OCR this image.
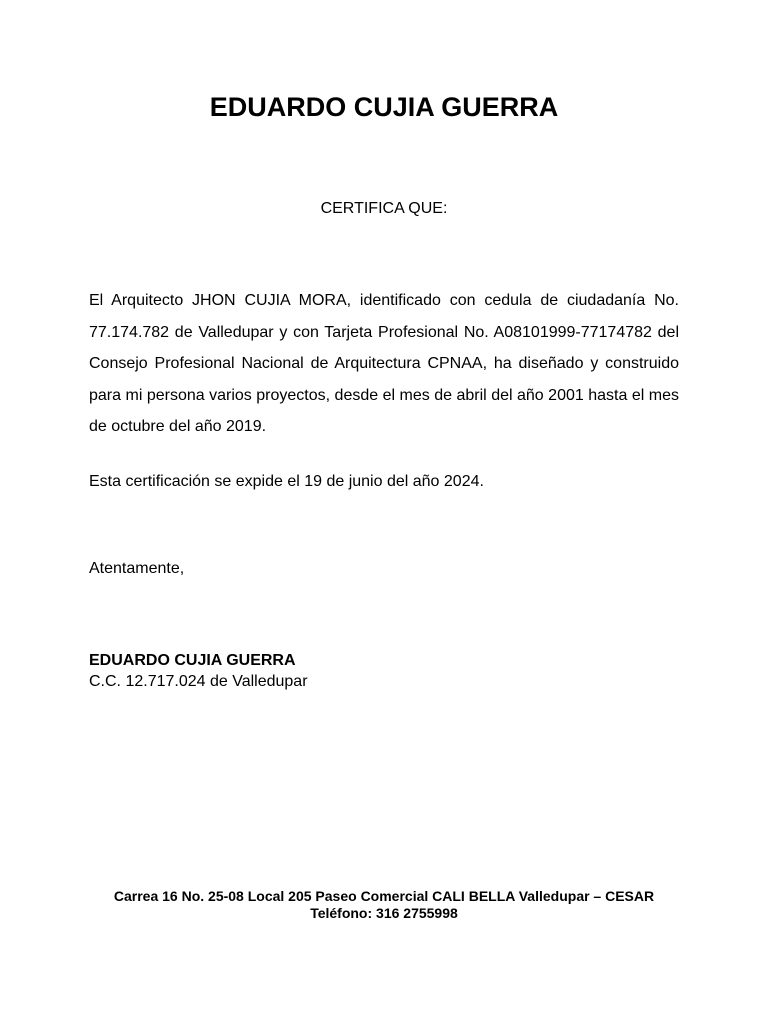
EDUARDO CUJIA GUERRA

CERTIFICA QUE:

El Arquitecto JHON CUJIA MORA, identificado con cedula de ciudadanía No. 77.174.782 de Valledupar y con Tarjeta Profesional No. A08101999-77174782 del Consejo Profesional Nacional de Arquitectura CPNAA, ha diseñado y construido para mi persona varios proyectos, desde el mes de abril del año 2001 hasta el mes de octubre del año 2019.

Esta certificación se expide el 19 de junio del año 2024.

Atentamente,

EDUARDO CUJIA GUERRA

C.C. 12.717.024 de Valledupar

Carrea 16 No. 25-08 Local 205 Paseo Comercial CALI BELLA Valledupar – CESAR
Teléfono: 316 2755998
